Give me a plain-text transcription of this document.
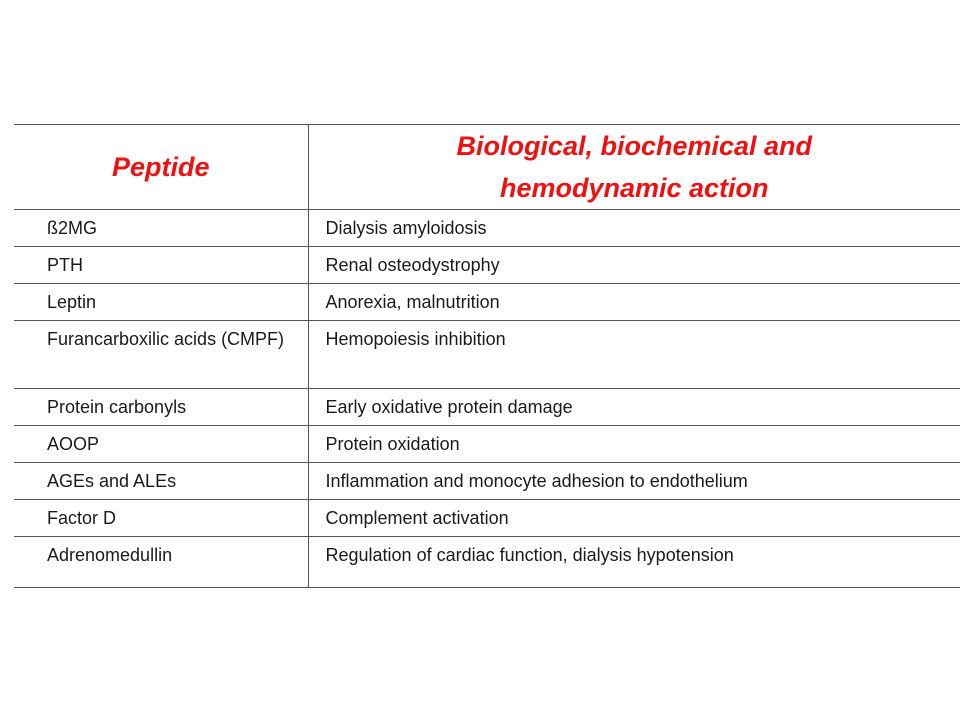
Peptide	Biological, biochemical and
hemodynamic action
ß2MG	Dialysis amyloidosis
PTH	Renal osteodystrophy
Leptin	Anorexia, malnutrition
Furancarboxilic acids (CMPF)	Hemopoiesis inhibition
Protein carbonyls	Early oxidative protein damage
AOOP	Protein oxidation
AGEs and ALEs	Inflammation and monocyte adhesion to endothelium
Factor D	Complement activation
Adrenomedullin	Regulation of cardiac function, dialysis hypotension
